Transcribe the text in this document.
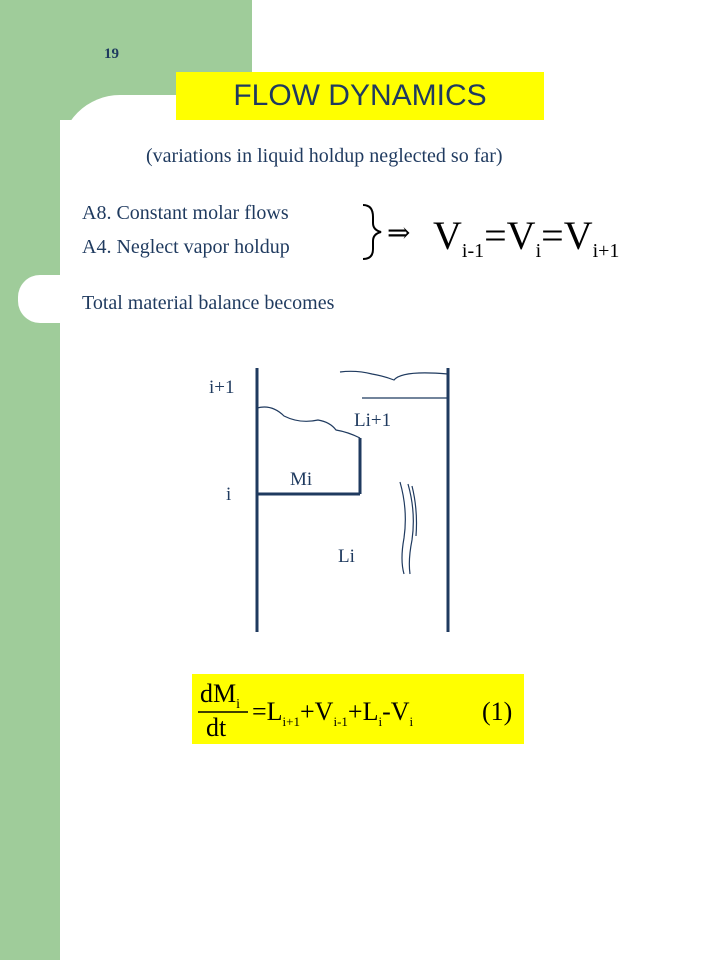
19
FLOW DYNAMICS
(variations in liquid holdup neglected so far)
A8. Constant molar flows
A4. Neglect vapor holdup	⇒ $V_{i-1}=V_i=V_{i+1}$
Total material balance becomes
i+1
Li+1
Mi
i
Li
$dM_i$
dt
$=L_{i+1}+V_{i-1}+L_i-V_i$	(1)
